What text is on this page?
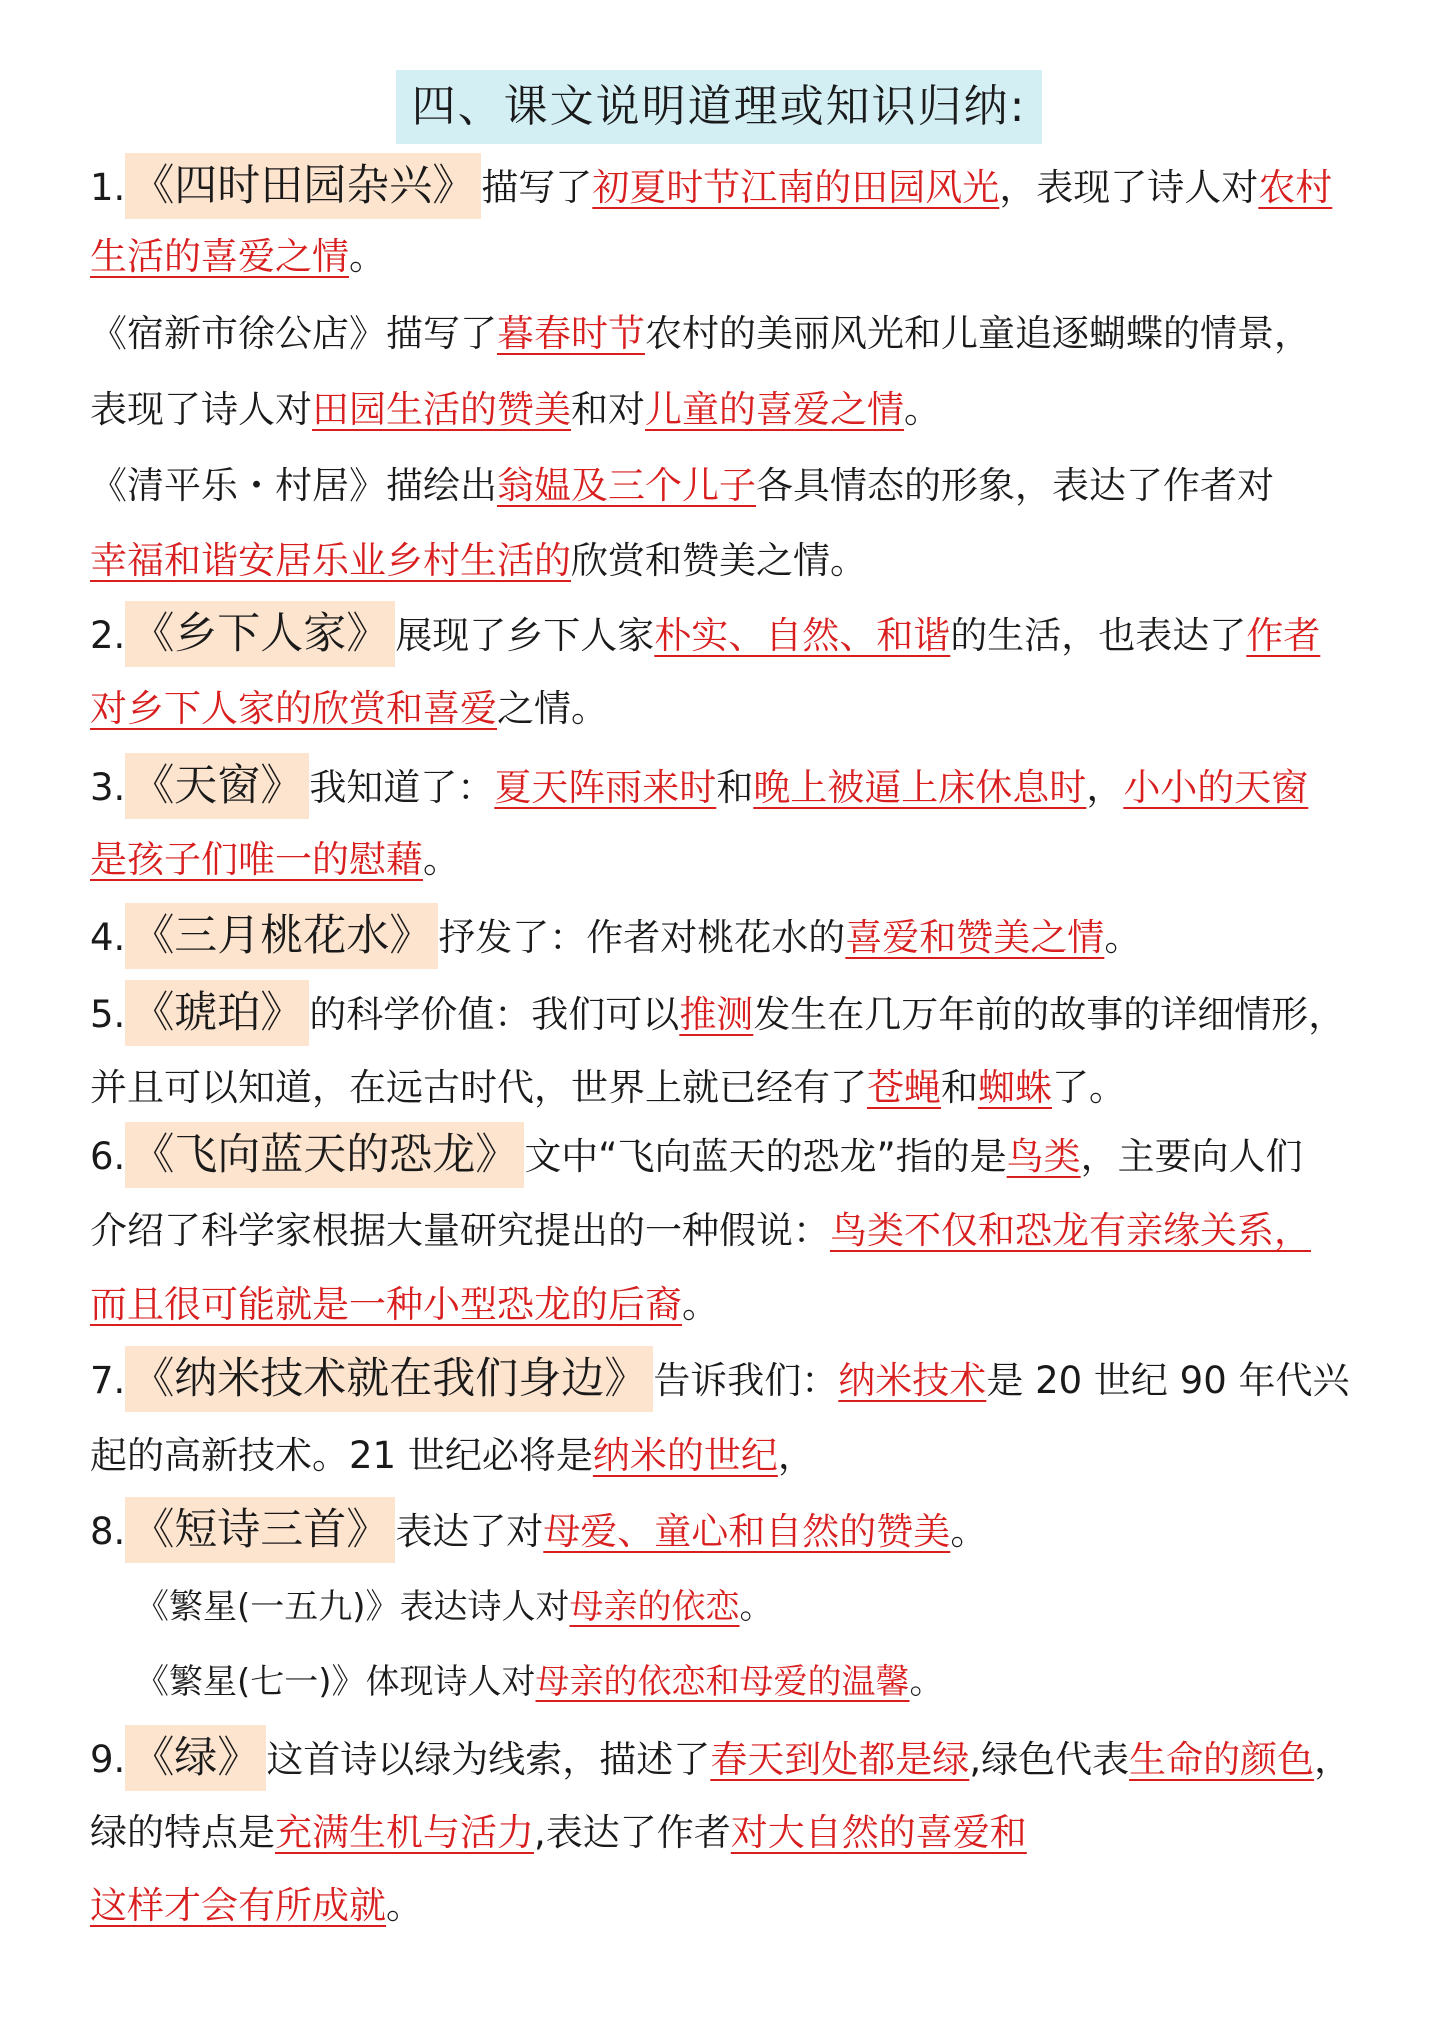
四、课文说明道理或知识归纳:
1. 《四时田园杂兴》 描写了初夏时节江南的田园风光，表现了诗人对农村
生活的喜爱之情。
《宿新市徐公店》描写了暮春时节农村的美丽风光和儿童追逐蝴蝶的情景，
表现了诗人对田园生活的赞美和对儿童的喜爱之情。
《清平乐・村居》描绘出翁媪及三个儿子各具情态的形象，表达了作者对
幸福和谐安居乐业乡村生活的欣赏和赞美之情。
2. 《乡下人家》 展现了乡下人家朴实、自然、和谐的生活，也表达了作者
对乡下人家的欣赏和喜爱之情。
3. 《天窗》 我知道了：夏天阵雨来时和晚上被逼上床休息时，小小的天窗
是孩子们唯一的慰藉。
4. 《三月桃花水》 抒发了：作者对桃花水的喜爱和赞美之情。
5. 《琥珀》 的科学价值：我们可以推测发生在几万年前的故事的详细情形，
并且可以知道，在远古时代，世界上就已经有了苍蝇和蜘蛛了。
6. 《飞向蓝天的恐龙》 文中“飞向蓝天的恐龙”指的是鸟类，主要向人们
介绍了科学家根据大量研究提出的一种假说：鸟类不仅和恐龙有亲缘关系，
而且很可能就是一种小型恐龙的后裔。
7. 《纳米技术就在我们身边》 告诉我们：纳米技术是 20 世纪 90 年代兴
起的高新技术。21 世纪必将是纳米的世纪，
8. 《短诗三首》 表达了对母爱、童心和自然的赞美。
《繁星(一五九)》表达诗人对母亲的依恋。
《繁星(七一)》体现诗人对母亲的依恋和母爱的温馨。
9. 《绿》 这首诗以绿为线索，描述了春天到处都是绿,绿色代表生命的颜色，
绿的特点是充满生机与活力,表达了作者对大自然的喜爱和
这样才会有所成就。
